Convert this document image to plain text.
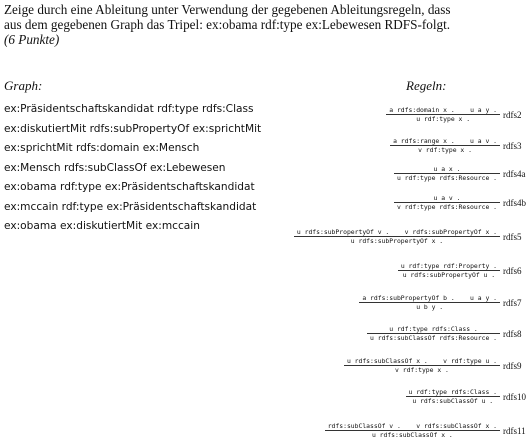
Zeige durch eine Ableitung unter Verwendung der gegebenen Ableitungsregeln, dass
aus dem gegebenen Graph das Tripel: ex:obama rdf:type ex:Lebewesen RDFS-folgt.
(6 Punkte)
Graph:	Regeln:
ex:Präsidentschaftskandidat rdf:type rdfs:Class
ex:diskutiertMit rdfs:subPropertyOf ex:sprichtMit
ex:sprichtMit rdfs:domain ex:Mensch
ex:Mensch rdfs:subClassOf ex:Lebewesen
ex:obama rdf:type ex:Präsidentschaftskandidat
ex:mccain rdf:type ex:Präsidentschaftskandidat
ex:obama ex:diskutiertMit ex:mccain
$\frac{\text{a rdfs:domain x .    u a y .}}{\text{u rdf:type x .}}$ rdfs2
$\frac{\text{a rdfs:range x .    u a v .}}{\text{v rdf:type x .}}$ rdfs3
$\frac{\text{u a x .}}{\text{u rdf:type rdfs:Resource .}}$ rdfs4a
$\frac{\text{u a v .}}{\text{v rdf:type rdfs:Resource .}}$ rdfs4b
$\frac{\text{u rdfs:subPropertyOf v .    v rdfs:subPropertyOf x .}}{\text{u rdfs:subPropertyOf x .}}$ rdfs5
$\frac{\text{u rdf:type rdf:Property .}}{\text{u rdfs:subPropertyOf u .}}$ rdfs6
$\frac{\text{a rdfs:subPropertyOf b .    u a y .}}{\text{u b y .}}$ rdfs7
$\frac{\text{u rdf:type rdfs:Class .}}{\text{u rdfs:subClassOf rdfs:Resource .}}$ rdfs8
$\frac{\text{u rdfs:subClassOf x .    v rdf:type u .}}{\text{v rdf:type x .}}$ rdfs9
$\frac{\text{u rdf:type rdfs:Class .}}{\text{u rdfs:subClassOf u .}}$ rdfs10
$\frac{\text{rdfs:subClassOf v .    v rdfs:subClassOf x .}}{\text{u rdfs:subClassOf x .}}$ rdfs11
